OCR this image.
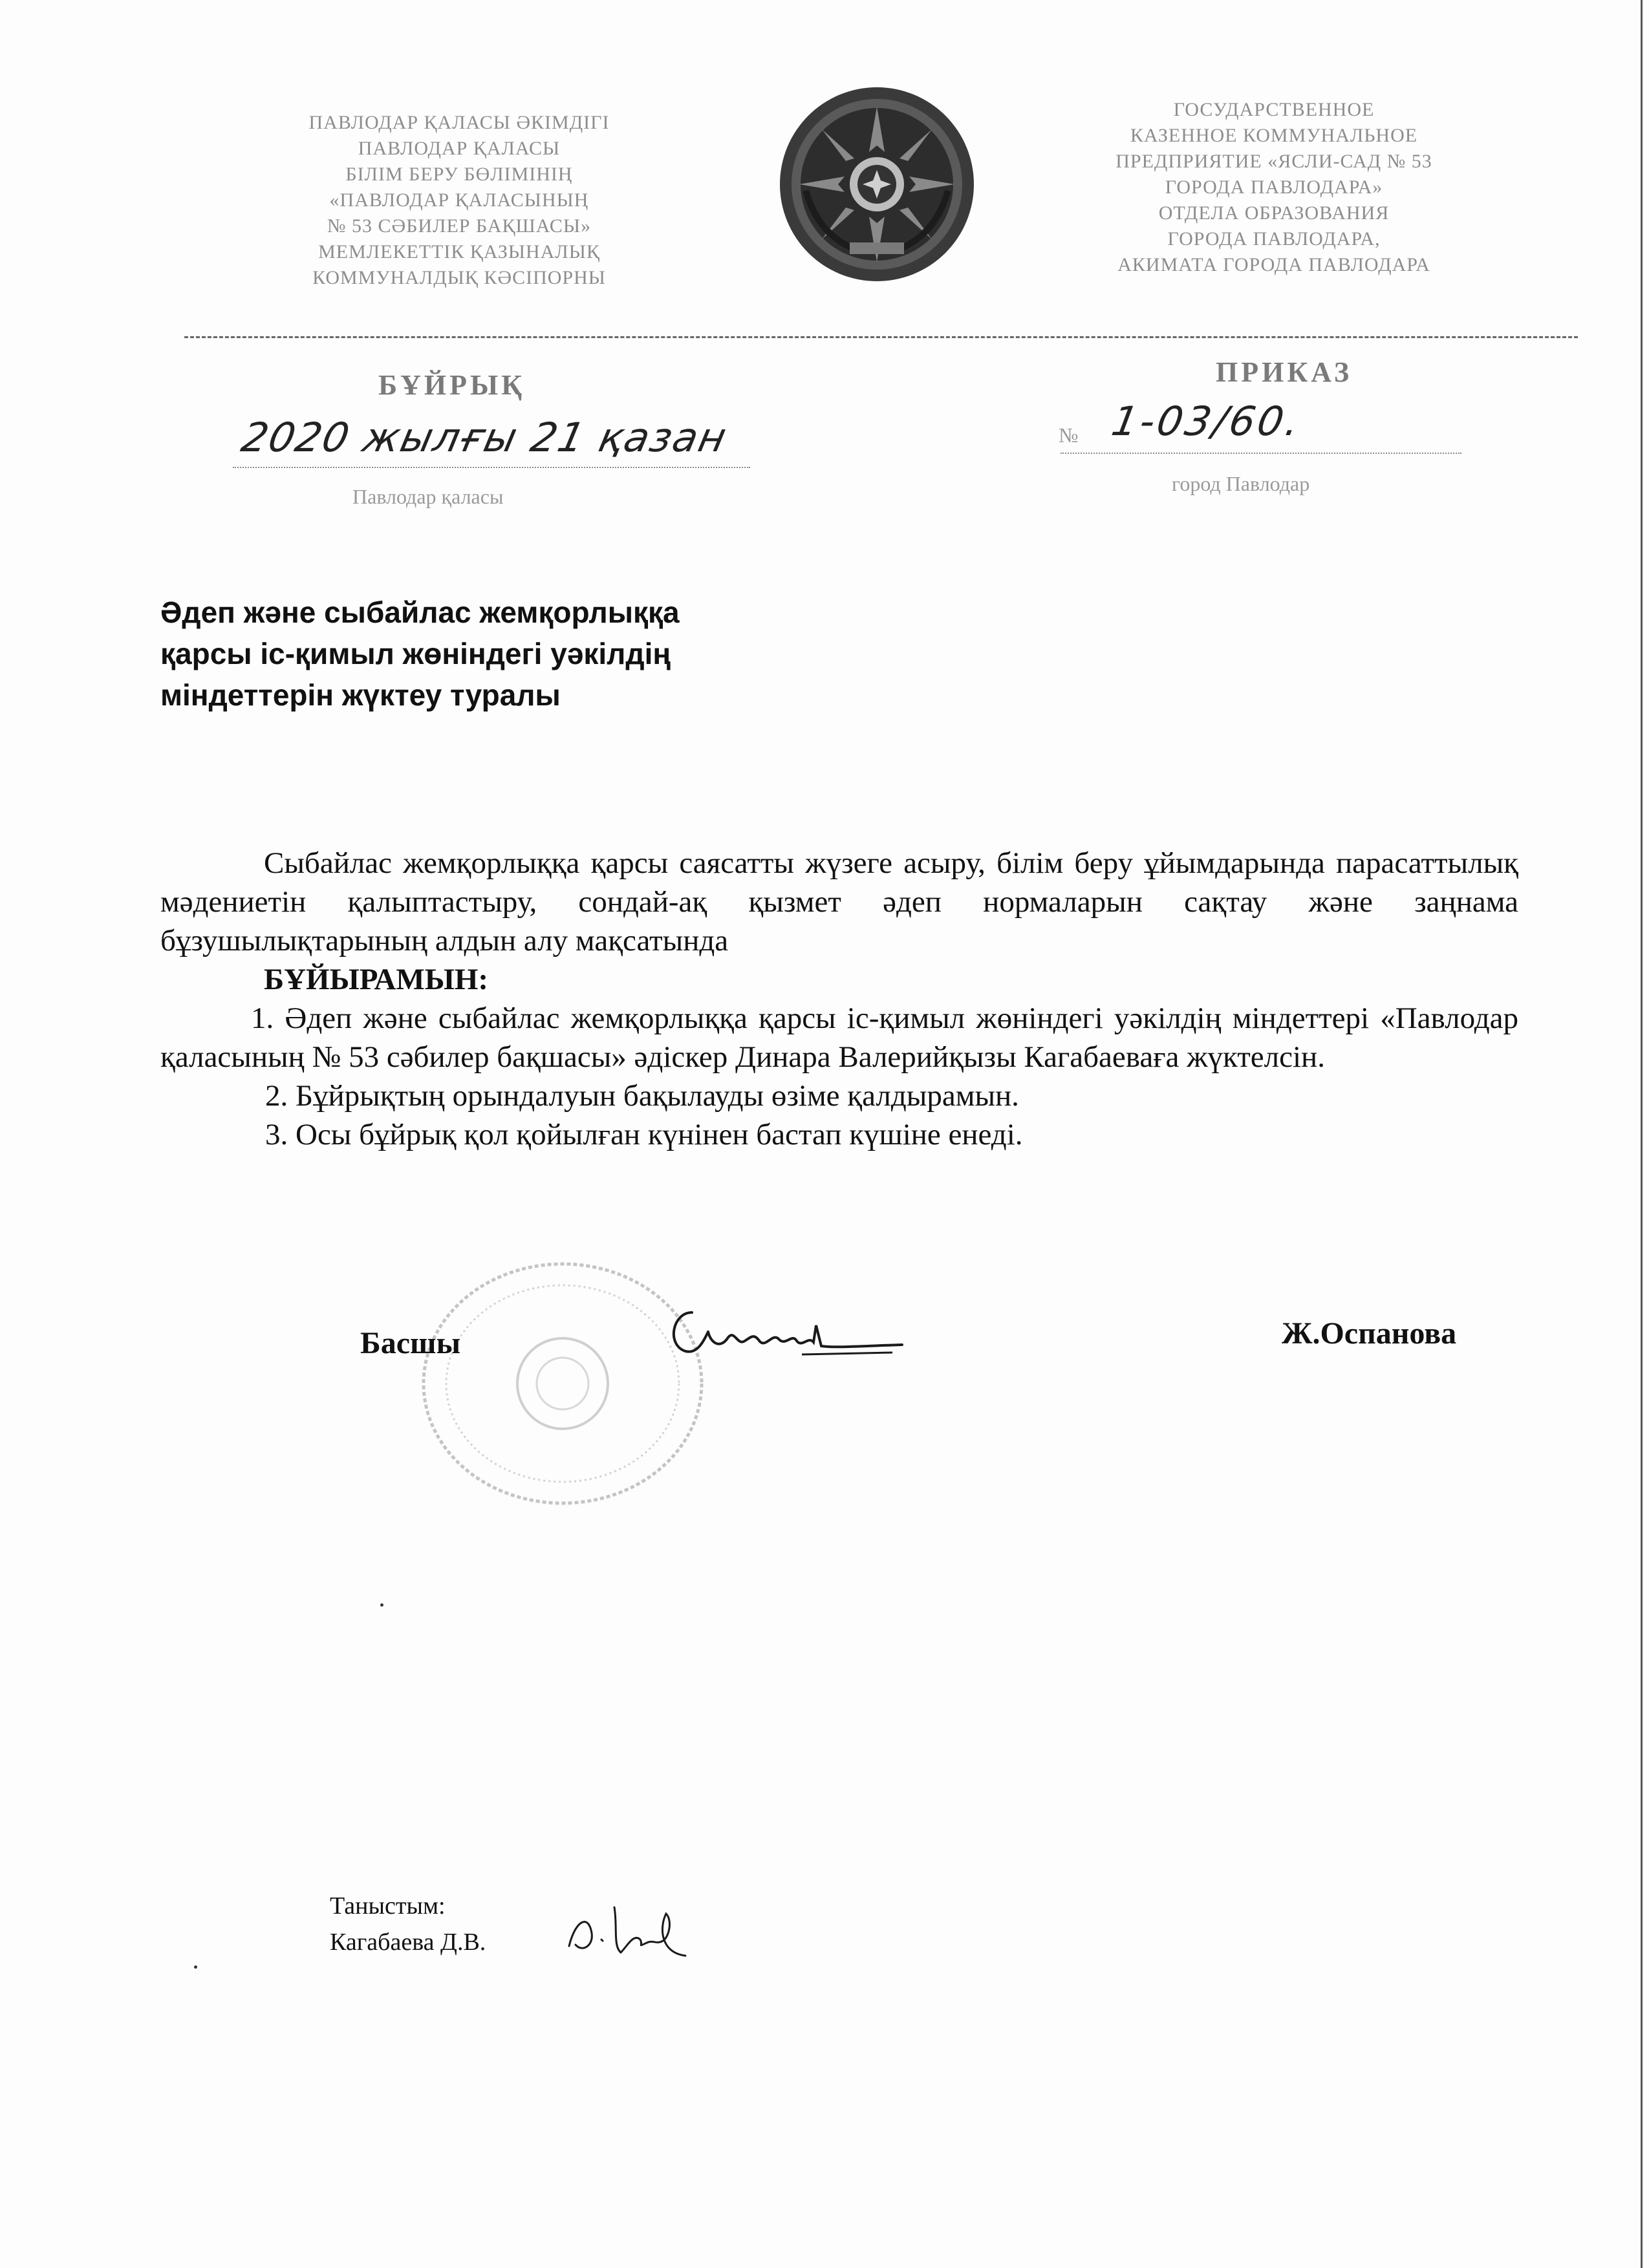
ПАВЛОДАР ҚАЛАСЫ ӘКІМДІГІ
ПАВЛОДАР ҚАЛАСЫ
БІЛІМ БЕРУ БӨЛІМІНІҢ
«ПАВЛОДАР ҚАЛАСЫНЫҢ
№ 53 СӘБИЛЕР БАҚШАСЫ»
МЕМЛЕКЕТТІК ҚАЗЫНАЛЫҚ
КОММУНАЛДЫҚ КӘСІПОРНЫ
ГОСУДАРСТВЕННОЕ
КАЗЕННОЕ КОММУНАЛЬНОЕ
ПРЕДПРИЯТИЕ «ЯСЛИ-САД № 53
ГОРОДА ПАВЛОДАРА»
ОТДЕЛА ОБРАЗОВАНИЯ
ГОРОДА ПАВЛОДАРА,
АКИМАТА ГОРОДА ПАВЛОДАРА
БҰЙРЫҚ	ПРИКАЗ
2020 жылғы 21 қазан	№ 1-03/60.
Павлодар қаласы
город Павлодар
Әдеп және сыбайлас жемқорлыққа
қарсы іс-қимыл жөніндегі уәкілдің
міндеттерін жүктеу туралы

Сыбайлас жемқорлыққа қарсы саясатты жүзеге асыру, білім беру ұйымдарында парасаттылық мәдениетін қалыптастыру, сондай-ақ қызмет әдеп нормаларын сақтау және заңнама бұзушылықтарының алдын алу мақсатында
БҰЙЫРАМЫН:

1. Әдеп және сыбайлас жемқорлыққа қарсы іс-қимыл жөніндегі уәкілдің міндеттері «Павлодар қаласының № 53 сәбилер бақшасы» әдіскер Динара Валерийқызы Кагабаеваға жүктелсін.

2. Бұйрықтың орындалуын бақылауды өзіме қалдырамын.

3. Осы бұйрық қол қойылған күнінен бастап күшіне енеді.

Басшы	Ж.Оспанова
Таныстым:
Кагабаева Д.В.
